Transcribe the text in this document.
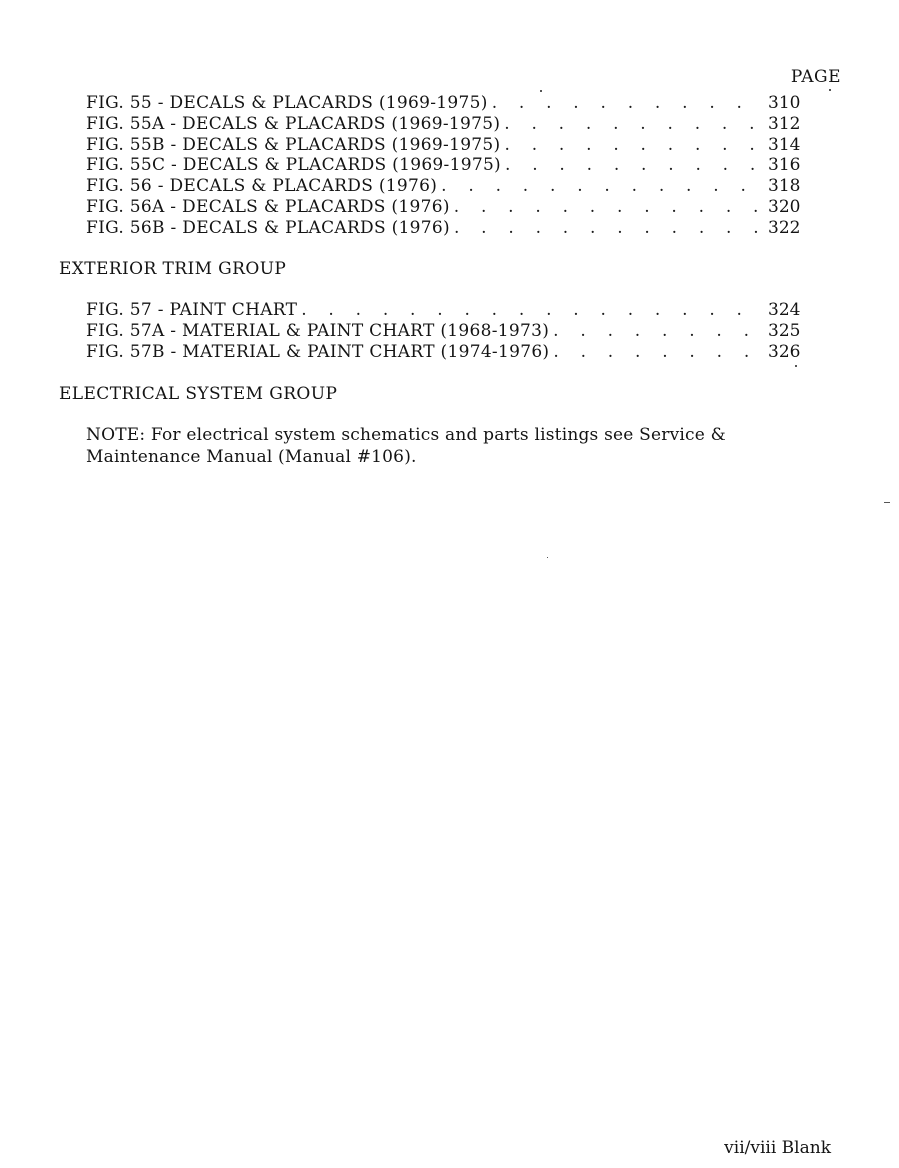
PAGE
FIG. 55 - DECALS & PLACARDS (1969-1975) . . .	310
FIG. 55A - DECALS & PLACARDS (1969-1975) . . .	312
FIG. 55B - DECALS & PLACARDS (1969-1975) . . .	314
FIG. 55C - DECALS & PLACARDS (1969-1975) . . .	316
FIG. 56 - DECALS & PLACARDS (1976) . . .	318
FIG. 56A - DECALS & PLACARDS (1976) . . .	320
FIG. 56B - DECALS & PLACARDS (1976) . . .	322
EXTERIOR TRIM GROUP
FIG. 57 - PAINT CHART . . .	324
FIG. 57A - MATERIAL & PAINT CHART (1968-1973) . . .	325
FIG. 57B - MATERIAL & PAINT CHART (1974-1976) . . .	326
ELECTRICAL SYSTEM GROUP
NOTE: For electrical system schematics and parts listings see Service &
Maintenance Manual (Manual #106).
vii/viii Blank
